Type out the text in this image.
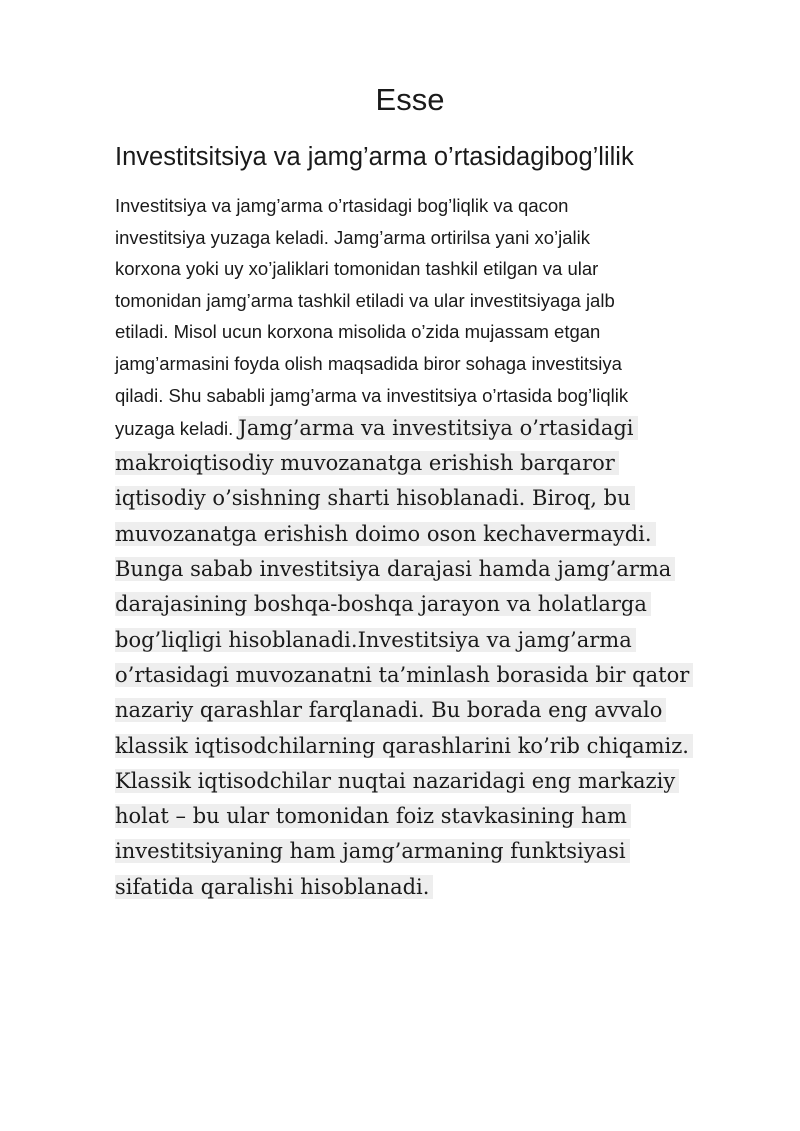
Esse
Investitsitsiya va jamg’arma o’rtasidagibog’lilik
Investitsiya va jamg’arma o’rtasidagi bog’liqlik va qacon
investitsiya yuzaga keladi. Jamg’arma ortirilsa yani xo’jalik
korxona yoki uy xo’jaliklari tomonidan tashkil etilgan va ular
tomonidan jamg’arma tashkil etiladi va ular investitsiyaga jalb
etiladi. Misol ucun korxona misolida o’zida mujassam etgan
jamg’armasini foyda olish maqsadida biror sohaga investitsiya
qiladi. Shu sababli jamg’arma va investitsiya o’rtasida bog’liqlik
yuzaga keladi. Jamg’arma va investitsiya o’rtasidagi
makroiqtisodiy muvozanatga erishish barqaror
iqtisodiy o’sishning sharti hisoblanadi. Biroq, bu
muvozanatga erishish doimo oson kechavermaydi.
Bunga sabab investitsiya darajasi hamda jamg’arma
darajasining boshqa-boshqa jarayon va holatlarga
bog’liqligi hisoblanadi.Investitsiya va jamg’arma
o’rtasidagi muvozanatni ta’minlash borasida bir qator
nazariy qarashlar farqlanadi. Bu borada eng avvalo
klassik iqtisodchilarning qarashlarini ko’rib chiqamiz.
Klassik iqtisodchilar nuqtai nazaridagi eng markaziy
holat – bu ular tomonidan foiz stavkasining ham
investitsiyaning ham jamg’armaning funktsiyasi
sifatida qaralishi hisoblanadi.
